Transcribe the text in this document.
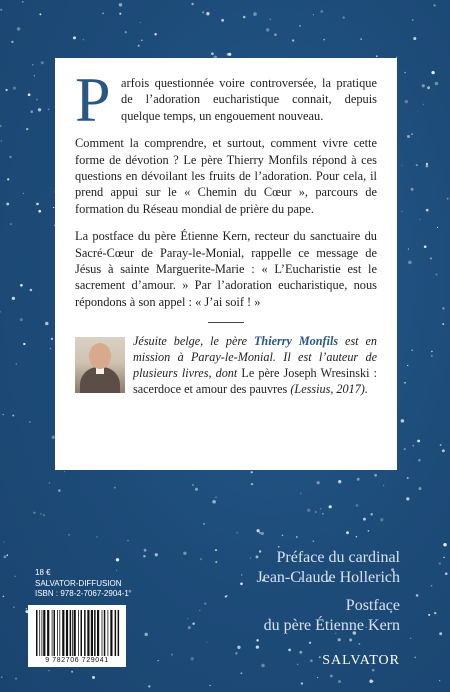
P arfois questionnée voire controversée, la pratique de l’adoration eucharistique connait, depuis quelque temps, un engouement nouveau.

Comment la comprendre, et surtout, comment vivre cette forme de dévotion ? Le père Thierry Monfils répond à ces questions en dévoilant les fruits de l’adoration. Pour cela, il prend appui sur le « Chemin du Cœur », parcours de formation du Réseau mondial de prière du pape.

La postface du père Étienne Kern, recteur du sanctuaire du Sacré-Cœur de Paray-le-Monial, rappelle ce message de Jésus à sainte Marguerite-Marie : « L’Eucharistie est le sacrement d’amour. » Par l’adoration eucharistique, nous répondons à son appel : « J’ai soif ! »

Jésuite belge, le père Thierry Monfils est en mission à Paray-le-Monial. Il est l’auteur de plusieurs livres, dont Le père Joseph Wresinski : sacerdoce et amour des pauvres (Lessius, 2017).
Préface du cardinal
Jean-Claude Hollerich
Postface
du père Étienne Kern
18 €
SALVATOR-DIFFUSION
ISBN : 978-2-7067-2904-1
9 782706 729041	SALVATOR
